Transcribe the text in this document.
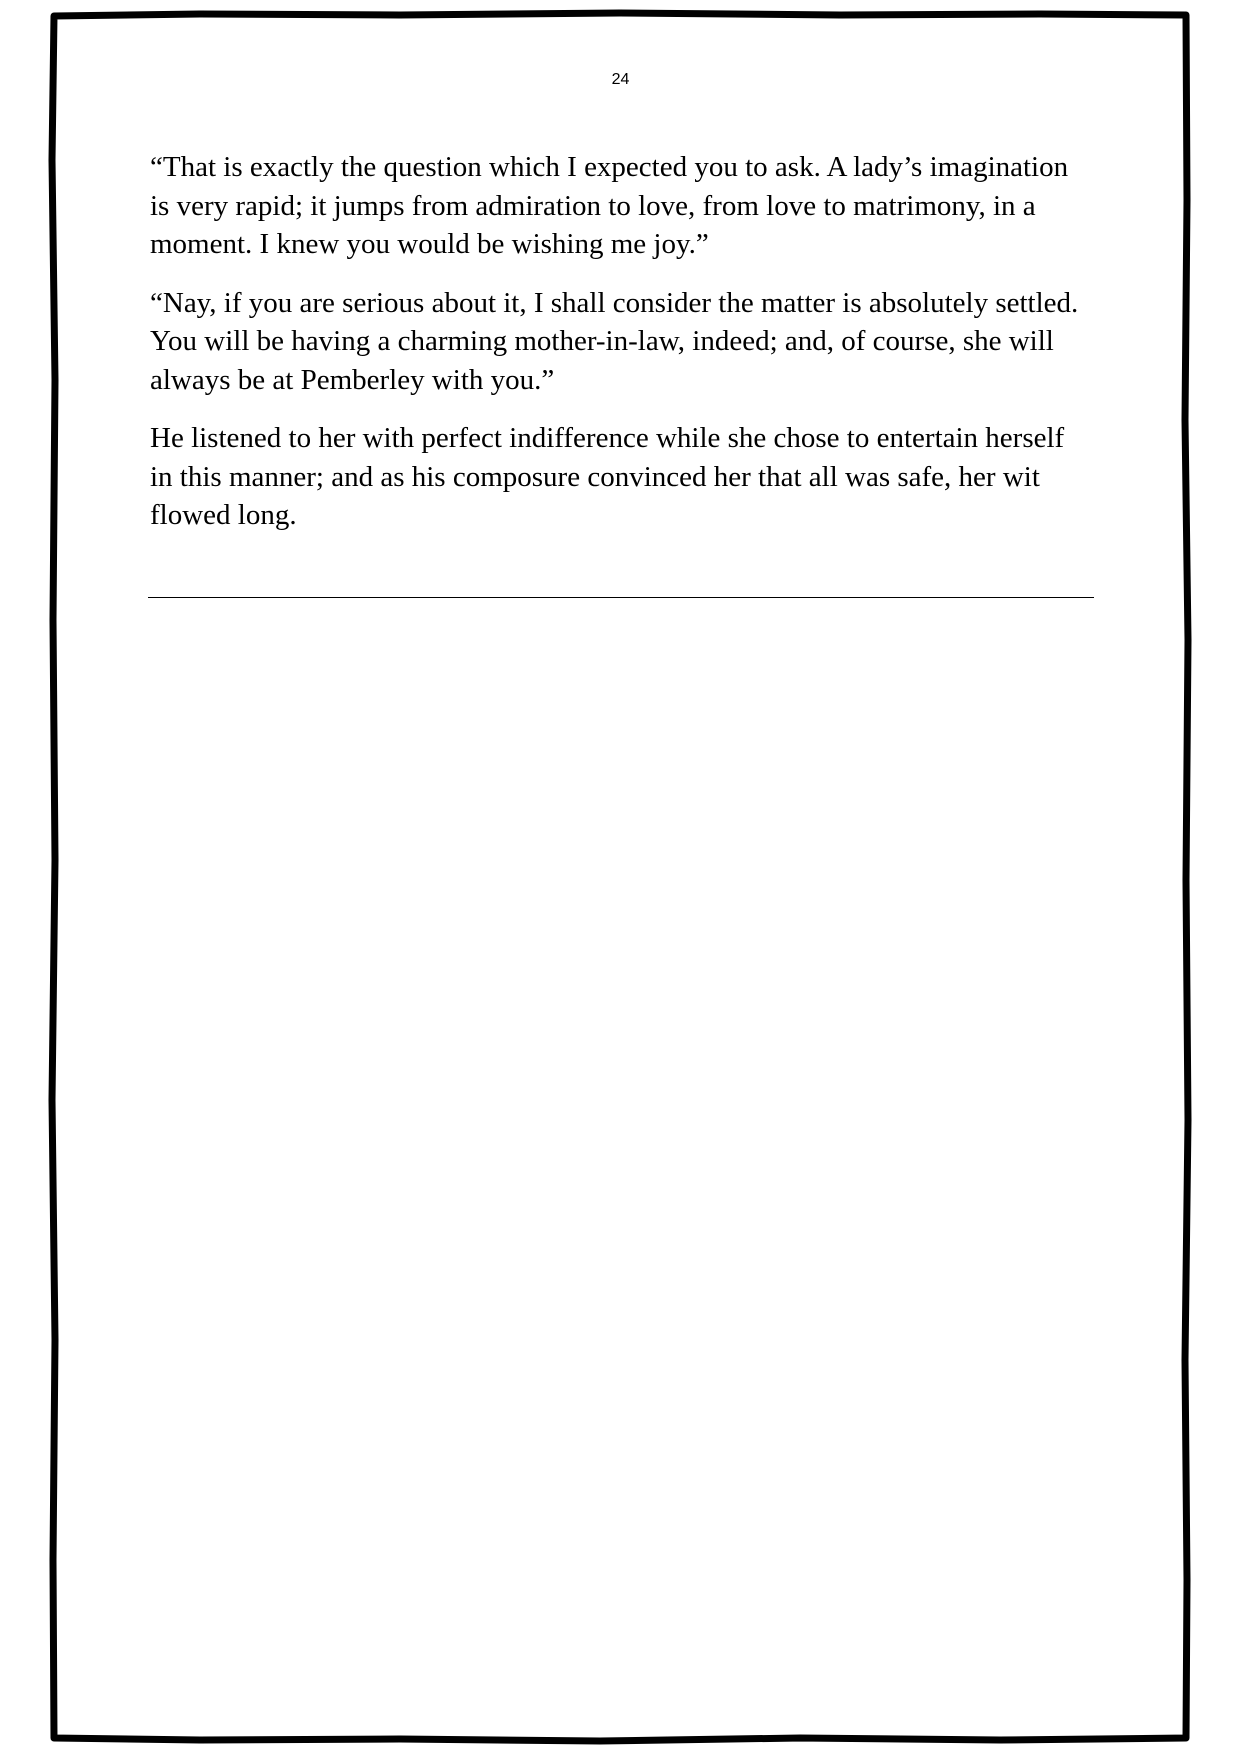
24

“That is exactly the question which I expected you to ask. A lady’s imagination is very rapid; it jumps from admiration to love, from love to matrimony, in a moment. I knew you would be wishing me joy.”

“Nay, if you are serious about it, I shall consider the matter is absolutely settled. You will be having a charming mother-in-law, indeed; and, of course, she will always be at Pemberley with you.”

He listened to her with perfect indifference while she chose to entertain herself in this manner; and as his composure convinced her that all was safe, her wit flowed long.
